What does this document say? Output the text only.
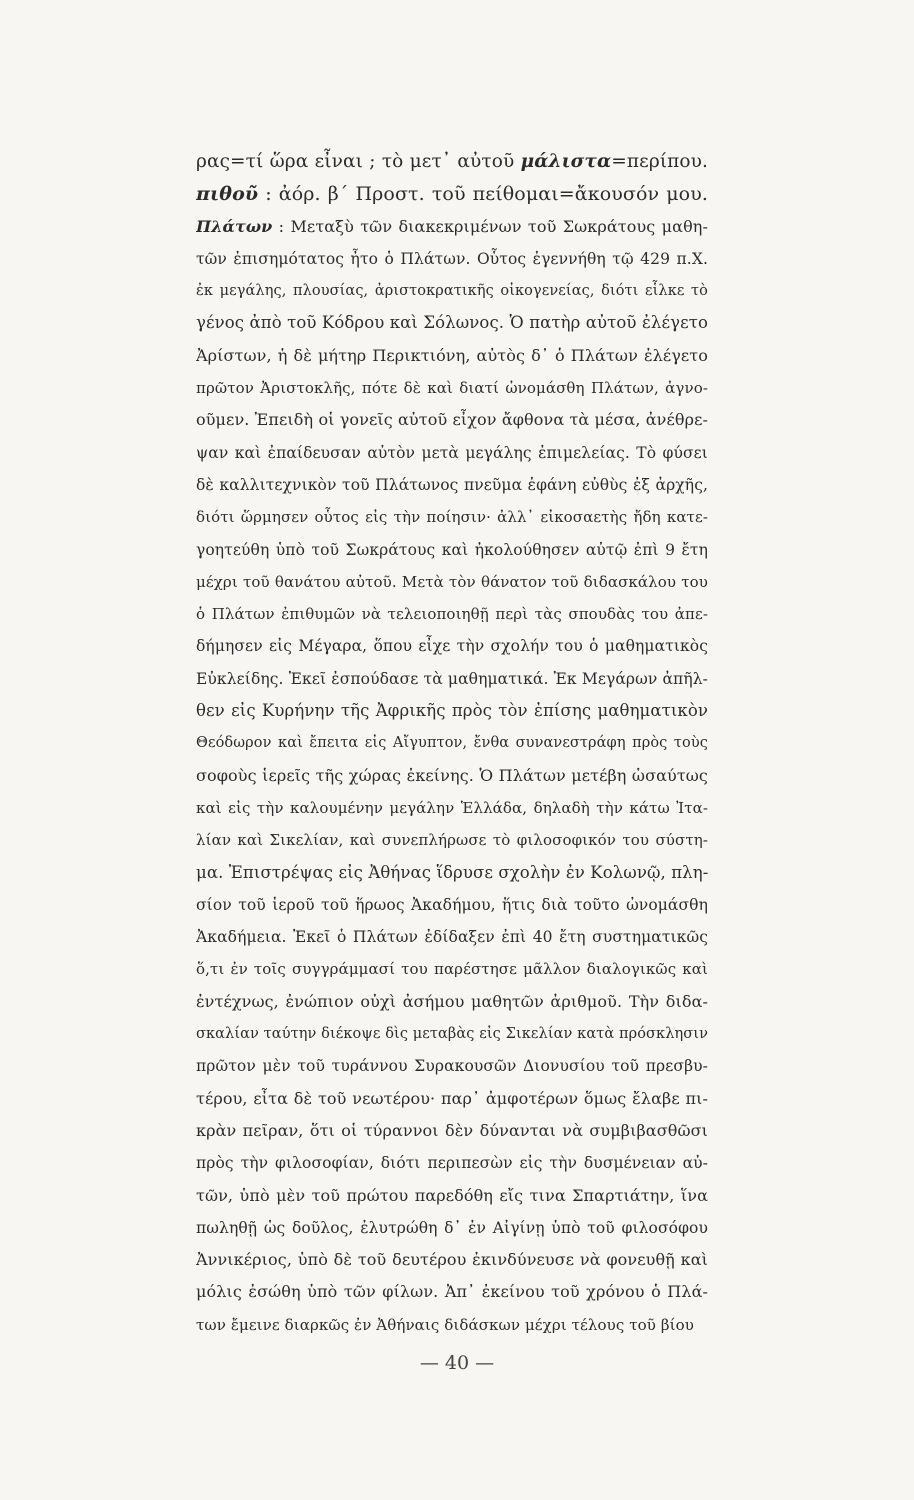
ρας=τί ὥρα εἶναι ; τὸ μετ᾽ αὐτοῦ μάλιστα=περίπου.
πιθοῦ : ἀόρ. β΄ Προστ. τοῦ πείθομαι=ἄκουσόν μου.
Πλάτων : Μεταξὺ τῶν διακεκριμένων τοῦ Σωκράτους μαθη-
τῶν ἐπισημότατος ἦτο ὁ Πλάτων. Οὗτος ἐγεννήθη τῷ 429 π.Χ.
ἐκ μεγάλης, πλουσίας, ἀριστοκρατικῆς οἰκογενείας, διότι εἷλκε τὸ
γένος ἀπὸ τοῦ Κόδρου καὶ Σόλωνος. Ὁ πατὴρ αὐτοῦ ἐλέγετο
Ἀρίστων, ἡ δὲ μήτηρ Περικτιόνη, αὐτὸς δ᾽ ὁ Πλάτων ἐλέγετο
πρῶτον Ἀριστοκλῆς, πότε δὲ καὶ διατί ὠνομάσθη Πλάτων, ἀγνο-
οῦμεν. Ἐπειδὴ οἱ γονεῖς αὐτοῦ εἶχον ἄφθονα τὰ μέσα, ἀνέθρε-
ψαν καὶ ἐπαίδευσαν αὐτὸν μετὰ μεγάλης ἐπιμελείας. Τὸ φύσει
δὲ καλλιτεχνικὸν τοῦ Πλάτωνος πνεῦμα ἐφάνη εὐθὺς ἐξ ἀρχῆς,
διότι ὥρμησεν οὗτος εἰς τὴν ποίησιν· ἀλλ᾽ εἰκοσαετὴς ἤδη κατε-
γοητεύθη ὑπὸ τοῦ Σωκράτους καὶ ἠκολούθησεν αὐτῷ ἐπὶ 9 ἔτη
μέχρι τοῦ θανάτου αὐτοῦ. Μετὰ τὸν θάνατον τοῦ διδασκάλου του
ὁ Πλάτων ἐπιθυμῶν νὰ τελειοποιηθῇ περὶ τὰς σπουδὰς του ἀπε-
δήμησεν εἰς Μέγαρα, ὅπου εἶχε τὴν σχολήν του ὁ μαθηματικὸς
Εὐκλείδης. Ἐκεῖ ἐσπούδασε τὰ μαθηματικά. Ἐκ Μεγάρων ἀπῆλ-
θεν εἰς Κυρήνην τῆς Ἀφρικῆς πρὸς τὸν ἐπίσης μαθηματικὸν
Θεόδωρον καὶ ἔπειτα εἰς Αἴγυπτον, ἔνθα συνανεστράφη πρὸς τοὺς
σοφοὺς ἱερεῖς τῆς χώρας ἐκείνης. Ὁ Πλάτων μετέβη ὡσαύτως
καὶ εἰς τὴν καλουμένην μεγάλην Ἑλλάδα, δηλαδὴ τὴν κάτω Ἰτα-
λίαν καὶ Σικελίαν, καὶ συνεπλήρωσε τὸ φιλοσοφικόν του σύστη-
μα. Ἐπιστρέψας εἰς Ἀθήνας ἵδρυσε σχολὴν ἐν Κολωνῷ, πλη-
σίον τοῦ ἱεροῦ τοῦ ἥρωος Ἀκαδήμου, ἥτις διὰ τοῦτο ὠνομάσθη
Ἀκαδήμεια. Ἐκεῖ ὁ Πλάτων ἐδίδαξεν ἐπὶ 40 ἔτη συστηματικῶς
ὅ,τι ἐν τοῖς συγγράμμασί του παρέστησε μᾶλλον διαλογικῶς καὶ
ἐντέχνως, ἐνώπιον οὐχὶ ἀσήμου μαθητῶν ἀριθμοῦ. Τὴν διδα-
σκαλίαν ταύτην διέκοψε δὶς μεταβὰς εἰς Σικελίαν κατὰ πρόσκλησιν
πρῶτον μὲν τοῦ τυράννου Συρακουσῶν Διονυσίου τοῦ πρεσβυ-
τέρου, εἶτα δὲ τοῦ νεωτέρου· παρ᾽ ἀμφοτέρων ὅμως ἔλαβε πι-
κρὰν πεῖραν, ὅτι οἱ τύραννοι δὲν δύνανται νὰ συμβιβασθῶσι
πρὸς τὴν φιλοσοφίαν, διότι περιπεσὼν εἰς τὴν δυσμένειαν αὐ-
τῶν, ὑπὸ μὲν τοῦ πρώτου παρεδόθη εἴς τινα Σπαρτιάτην, ἵνα
πωληθῇ ὡς δοῦλος, ἐλυτρώθη δ᾽ ἐν Αἰγίνῃ ὑπὸ τοῦ φιλοσόφου
Ἀννικέριος, ὑπὸ δὲ τοῦ δευτέρου ἐκινδύνευσε νὰ φονευθῇ καὶ
μόλις ἐσώθη ὑπὸ τῶν φίλων. Ἀπ᾽ ἐκείνου τοῦ χρόνου ὁ Πλά-
των ἔμεινε διαρκῶς ἐν Ἀθήναις διδάσκων μέχρι τέλους τοῦ βίου
— 40 —
